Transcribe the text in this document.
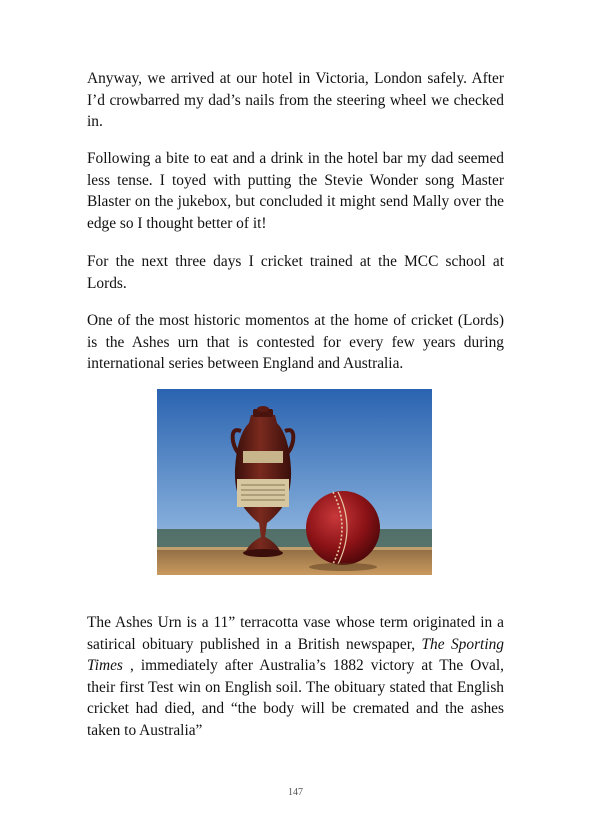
Anyway, we arrived at our hotel in Victoria, London safely. After I’d crowbarred my dad’s nails from the steering wheel we checked in.

Following a bite to eat and a drink in the hotel bar my dad seemed less tense. I toyed with putting the Stevie Wonder song Master Blaster on the jukebox, but concluded it might send Mally over the edge so I thought better of it!

For the next three days I cricket trained at the MCC school at Lords.

One of the most historic momentos at the home of cricket (Lords) is the Ashes urn that is contested for every few years during international series between England and Australia.

The Ashes Urn is a 11” terracotta vase whose term originated in a satirical obituary published in a British newspaper, The Sporting Times , immediately after Australia’s 1882 victory at The Oval, their first Test win on English soil. The obituary stated that English cricket had died, and “the body will be cremated and the ashes taken to Australia”

147
